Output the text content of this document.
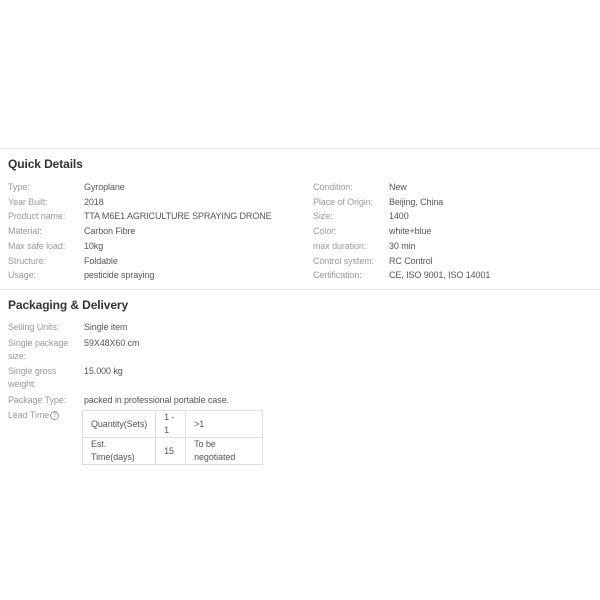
Quick Details
Type:	Gyroplane
Year Built:	2018
Product name:	TTA M6E1 AGRICULTURE SPRAYING DRONE
Material:	Carbon Fibre
Max safe load:	10kg
Structure:	Foldable
Usage:	pesticide spraying
Condition:	New
Place of Origin:	Beijing, China
Size:	1400
Color:	white+blue
max duration:	30 min
Control system:	RC Control
Certification:	CE, ISO 9001, ISO 14001
Packaging & Delivery
Selling Units:	Single item
Single package size:
59X48X60 cm
Single gross weight:
15.000 kg
Package Type:	packed in professional portable case.
Lead Time ?
Quantity(Sets)	1 - 1	>1
Est. Time(days)	15	To be negotiated
